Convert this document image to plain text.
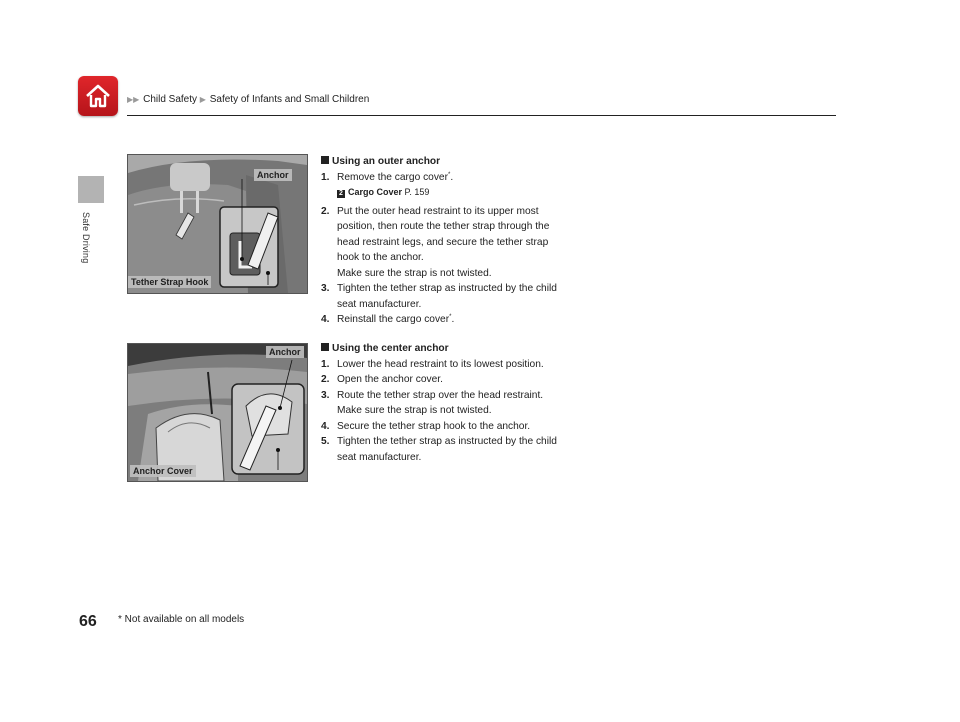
▶▶ Child Safety ▶ Safety of Infants and Small Children
Safe Driving
Anchor
Tether Strap Hook
Anchor
Anchor Cover
Using an outer anchor
1. Remove the cargo cover*.
2 Cargo Cover P. 159
2. Put the outer head restraint to its upper most position, then route the tether strap through the head restraint legs, and secure the tether strap hook to the anchor.
Make sure the strap is not twisted.
3. Tighten the tether strap as instructed by the child seat manufacturer.
4. Reinstall the cargo cover*.
Using the center anchor
1. Lower the head restraint to its lowest position.
2. Open the anchor cover.
3. Route the tether strap over the head restraint.
Make sure the strap is not twisted.
4. Secure the tether strap hook to the anchor.
5. Tighten the tether strap as instructed by the child seat manufacturer.
66 * Not available on all models
